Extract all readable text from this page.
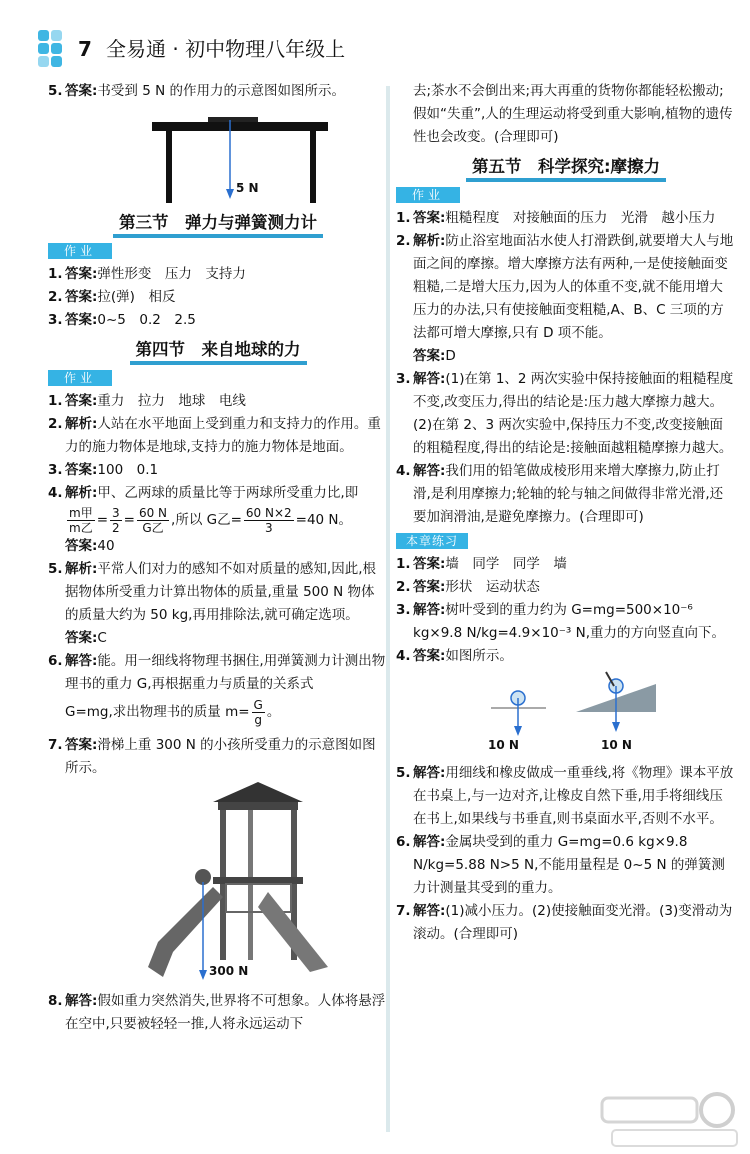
7 全易通 · 初中物理八年级上

5. 答案:书受到 5 N 的作用力的示意图如图所示。

5 N
第三节　弹力与弹簧测力计
作业

1. 答案:弹性形变　压力　支持力

2. 答案:拉(弹)　相反

3. 答案:0~5　0.2　2.5

第四节　来自地球的力
作业

1. 答案:重力　拉力　地球　电线

2. 解析:人站在水平地面上受到重力和支持力的作用。重力的施力物体是地球,支持力的施力物体是地面。

3. 答案:100　0.1

4. 解析:甲、乙两球的质量比等于两球所受重力比,即

$\frac{\text{m甲}}{\text{m乙}} = \frac{3}{2} = \frac{60 N}{\text{G乙}}$ ,所以 G乙= $\frac{60 N\times 2}{3} =40$ N。

答案:40

5. 解析:平常人们对力的感知不如对质量的感知,因此,根据物体所受重力计算出物体的质量,重量 500 N 物体的质量大约为 50 kg,再用排除法,就可确定选项。

答案:C

6. 解答:能。用一细线将物理书捆住,用弹簧测力计测出物理书的重力 G,再根据重力与质量的关系式

G=mg,求出物理书的质量 $m= \frac{G}{g}$ 。

7. 答案:滑梯上重 300 N 的小孩所受重力的示意图如图所示。

300 N

8. 解答:假如重力突然消失,世界将不可想象。人体将悬浮在空中,只要被轻轻一推,人将永远运动下

去;茶水不会倒出来;再大再重的货物你都能轻松搬动;假如“失重”,人的生理运动将受到重大影响,植物的遗传性也会改变。(合理即可)

第五节　科学探究:摩擦力
作业

1. 答案:粗糙程度　对接触面的压力　光滑　越小压力

2. 解析:防止浴室地面沾水使人打滑跌倒,就要增大人与地面之间的摩擦。增大摩擦方法有两种,一是使接触面变粗糙,二是增大压力,因为人的体重不变,就不能用增大压力的办法,只有使接触面变粗糙,A、B、C 三项的方法都可增大摩擦,只有 D 项不能。

答案:D

3. 解答:(1)在第 1、2 两次实验中保持接触面的粗糙程度不变,改变压力,得出的结论是:压力越大摩擦力越大。

(2)在第 2、3 两次实验中,保持压力不变,改变接触面的粗糙程度,得出的结论是:接触面越粗糙摩擦力越大。

4. 解答:我们用的铅笔做成棱形用来增大摩擦力,防止打滑,是利用摩擦力;轮轴的轮与轴之间做得非常光滑,还要加润滑油,是避免摩擦力。(合理即可)

本章练习

1. 答案:墙　同学　同学　墙

2. 答案:形状　运动状态

3. 解答:树叶受到的重力约为 G=mg=500×10⁻⁶ kg×9.8 N/kg=4.9×10⁻³ N,重力的方向竖直向下。

4. 答案:如图所示。

10 N	10 N

5. 解答:用细线和橡皮做成一重垂线,将《物理》课本平放在书桌上,与一边对齐,让橡皮自然下垂,用手将细线压在书上,如果线与书垂直,则书桌面水平,否则不水平。

6. 解答:金属块受到的重力 G=mg=0.6 kg×9.8 N/kg=5.88 N>5 N,不能用量程是 0~5 N 的弹簧测力计测量其受到的重力。

7. 解答:(1)减小压力。(2)使接触面变光滑。(3)变滑动为滚动。(合理即可)
